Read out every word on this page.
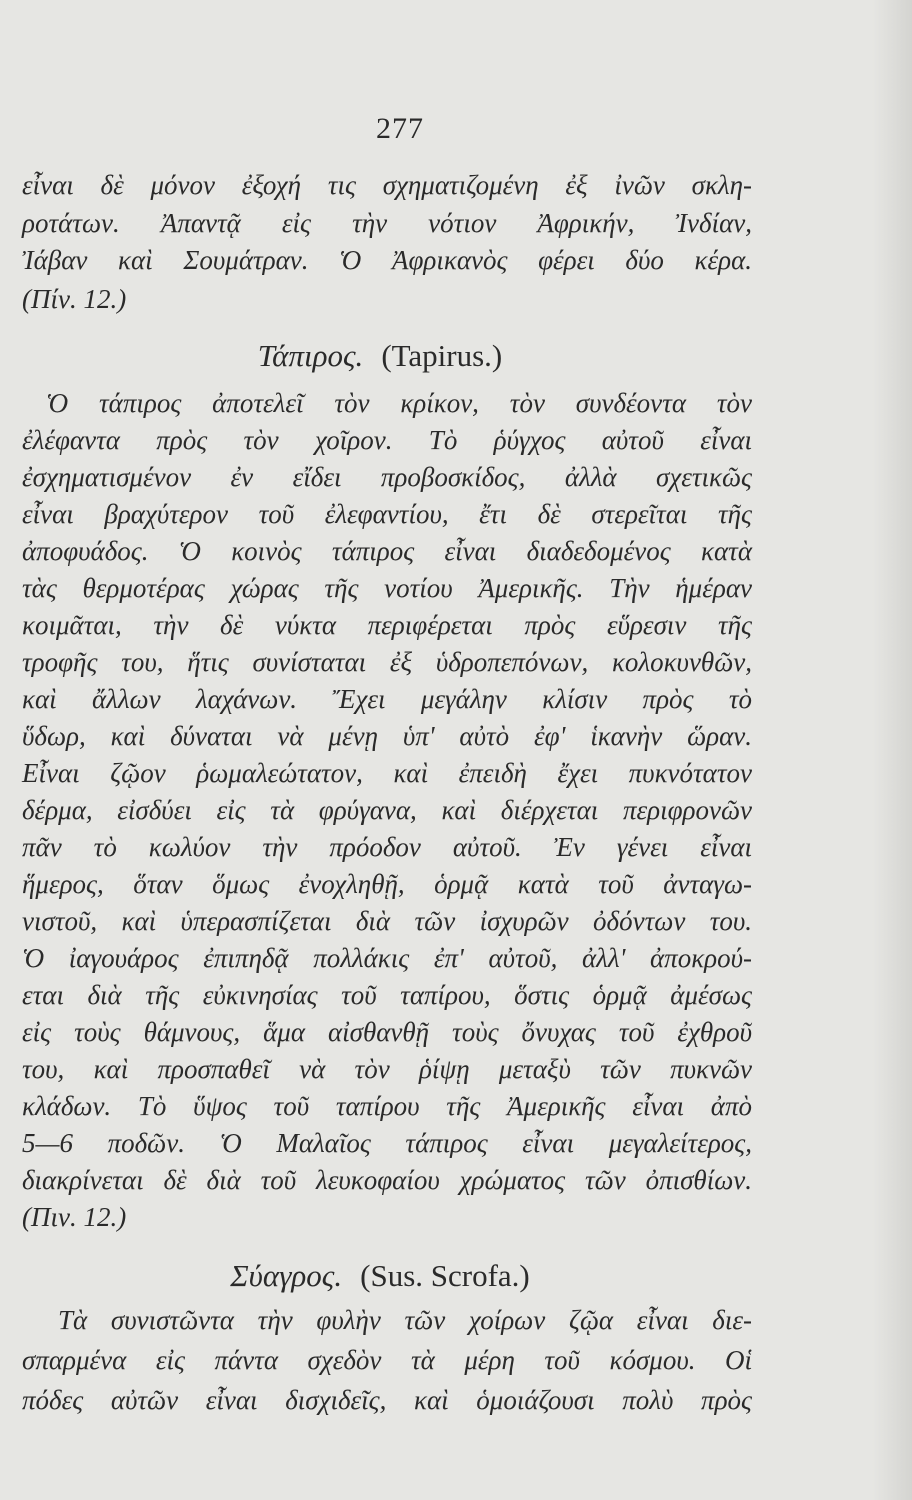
277
εἶναι δὲ μόνον ἐξοχή τις σχηματιζομένη ἐξ ἰνῶν σκλη-
ροτάτων. Ἀπαντᾷ εἰς τὴν νότιον Ἀφρικήν, Ἰνδίαν,
Ἰάβαν καὶ Σουμάτραν. Ὁ Ἀφρικανὸς φέρει δύο κέρα.
(Πίν. 12.)
Τάπιρος. (Tapirus.)
Ὁ τάπιρος ἀποτελεῖ τὸν κρίκον, τὸν συνδέοντα τὸν
ἐλέφαντα πρὸς τὸν χοῖρον. Τὸ ῥύγχος αὐτοῦ εἶναι
ἐσχηματισμένον ἐν εἴδει προβοσκίδος, ἀλλὰ σχετικῶς
εἶναι βραχύτερον τοῦ ἐλεφαντίου, ἔτι δὲ στερεῖται τῆς
ἀποφυάδος. Ὁ κοινὸς τάπιρος εἶναι διαδεδομένος κατὰ
τὰς θερμοτέρας χώρας τῆς νοτίου Ἀμερικῆς. Τὴν ἡμέραν
κοιμᾶται, τὴν δὲ νύκτα περιφέρεται πρὸς εὕρεσιν τῆς
τροφῆς του, ἥτις συνίσταται ἐξ ὑδροπεπόνων, κολοκυνθῶν,
καὶ ἄλλων λαχάνων. Ἔχει μεγάλην κλίσιν πρὸς τὸ
ὕδωρ, καὶ δύναται νὰ μένῃ ὑπ' αὐτὸ ἐφ' ἱκανὴν ὥραν.
Εἶναι ζῷον ῥωμαλεώτατον, καὶ ἐπειδὴ ἔχει πυκνότατον
δέρμα, εἰσδύει εἰς τὰ φρύγανα, καὶ διέρχεται περιφρονῶν
πᾶν τὸ κωλύον τὴν πρόοδον αὐτοῦ. Ἐν γένει εἶναι
ἥμερος, ὅταν ὅμως ἐνοχληθῇ, ὁρμᾷ κατὰ τοῦ ἀνταγω-
νιστοῦ, καὶ ὑπερασπίζεται διὰ τῶν ἰσχυρῶν ὀδόντων του.
Ὁ ἰαγουάρος ἐπιπηδᾷ πολλάκις ἐπ' αὐτοῦ, ἀλλ' ἀποκρού-
εται διὰ τῆς εὐκινησίας τοῦ ταπίρου, ὅστις ὁρμᾷ ἀμέσως
εἰς τοὺς θάμνους, ἅμα αἰσθανθῇ τοὺς ὄνυχας τοῦ ἐχθροῦ
του, καὶ προσπαθεῖ νὰ τὸν ῥίψῃ μεταξὺ τῶν πυκνῶν
κλάδων. Τὸ ὕψος τοῦ ταπίρου τῆς Ἀμερικῆς εἶναι ἀπὸ
5—6 ποδῶν. Ὁ Μαλαῖος τάπιρος εἶναι μεγαλείτερος,
διακρίνεται δὲ διὰ τοῦ λευκοφαίου χρώματος τῶν ὀπισθίων.
(Πιν. 12.)
Σύαγρος. (Sus. Scrofa.)
Τὰ συνιστῶντα τὴν φυλὴν τῶν χοίρων ζῷα εἶναι διε-
σπαρμένα εἰς πάντα σχεδὸν τὰ μέρη τοῦ κόσμου. Οἱ
πόδες αὐτῶν εἶναι δισχιδεῖς, καὶ ὁμοιάζουσι πολὺ πρὸς
